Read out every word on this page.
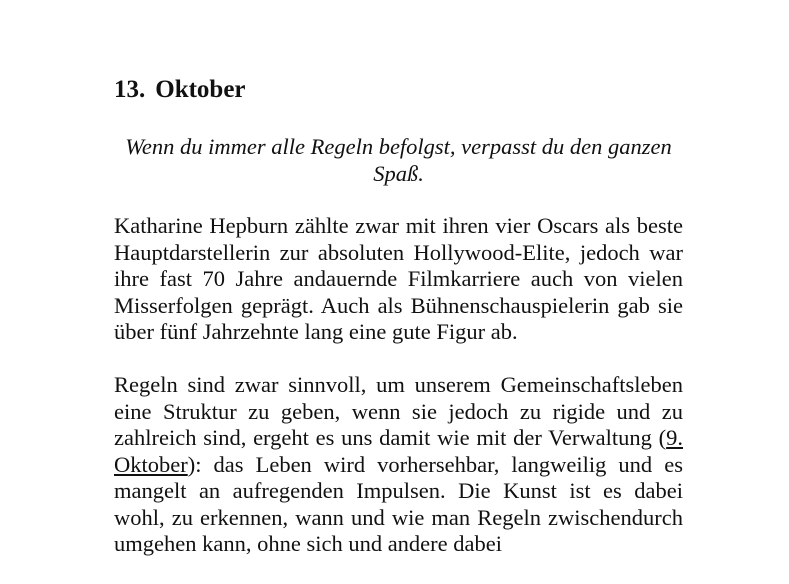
13. Oktober

Wenn du immer alle Regeln befolgst, verpasst du den ganzen Spaß.

Katharine Hepburn zählte zwar mit ihren vier Oscars als beste Hauptdarstellerin zur absoluten Hollywood-Elite, jedoch war ihre fast 70 Jahre andauernde Filmkarriere auch von vielen Misserfolgen geprägt. Auch als Bühnenschauspielerin gab sie über fünf Jahrzehnte lang eine gute Figur ab.

Regeln sind zwar sinnvoll, um unserem Gemeinschaftsleben eine Struktur zu geben, wenn sie jedoch zu rigide und zu zahlreich sind, ergeht es uns damit wie mit der Verwaltung (9. Oktober): das Leben wird vorhersehbar, langweilig und es mangelt an aufregenden Impulsen. Die Kunst ist es dabei wohl, zu erkennen, wann und wie man Regeln zwischendurch umgehen kann, ohne sich und andere dabei
